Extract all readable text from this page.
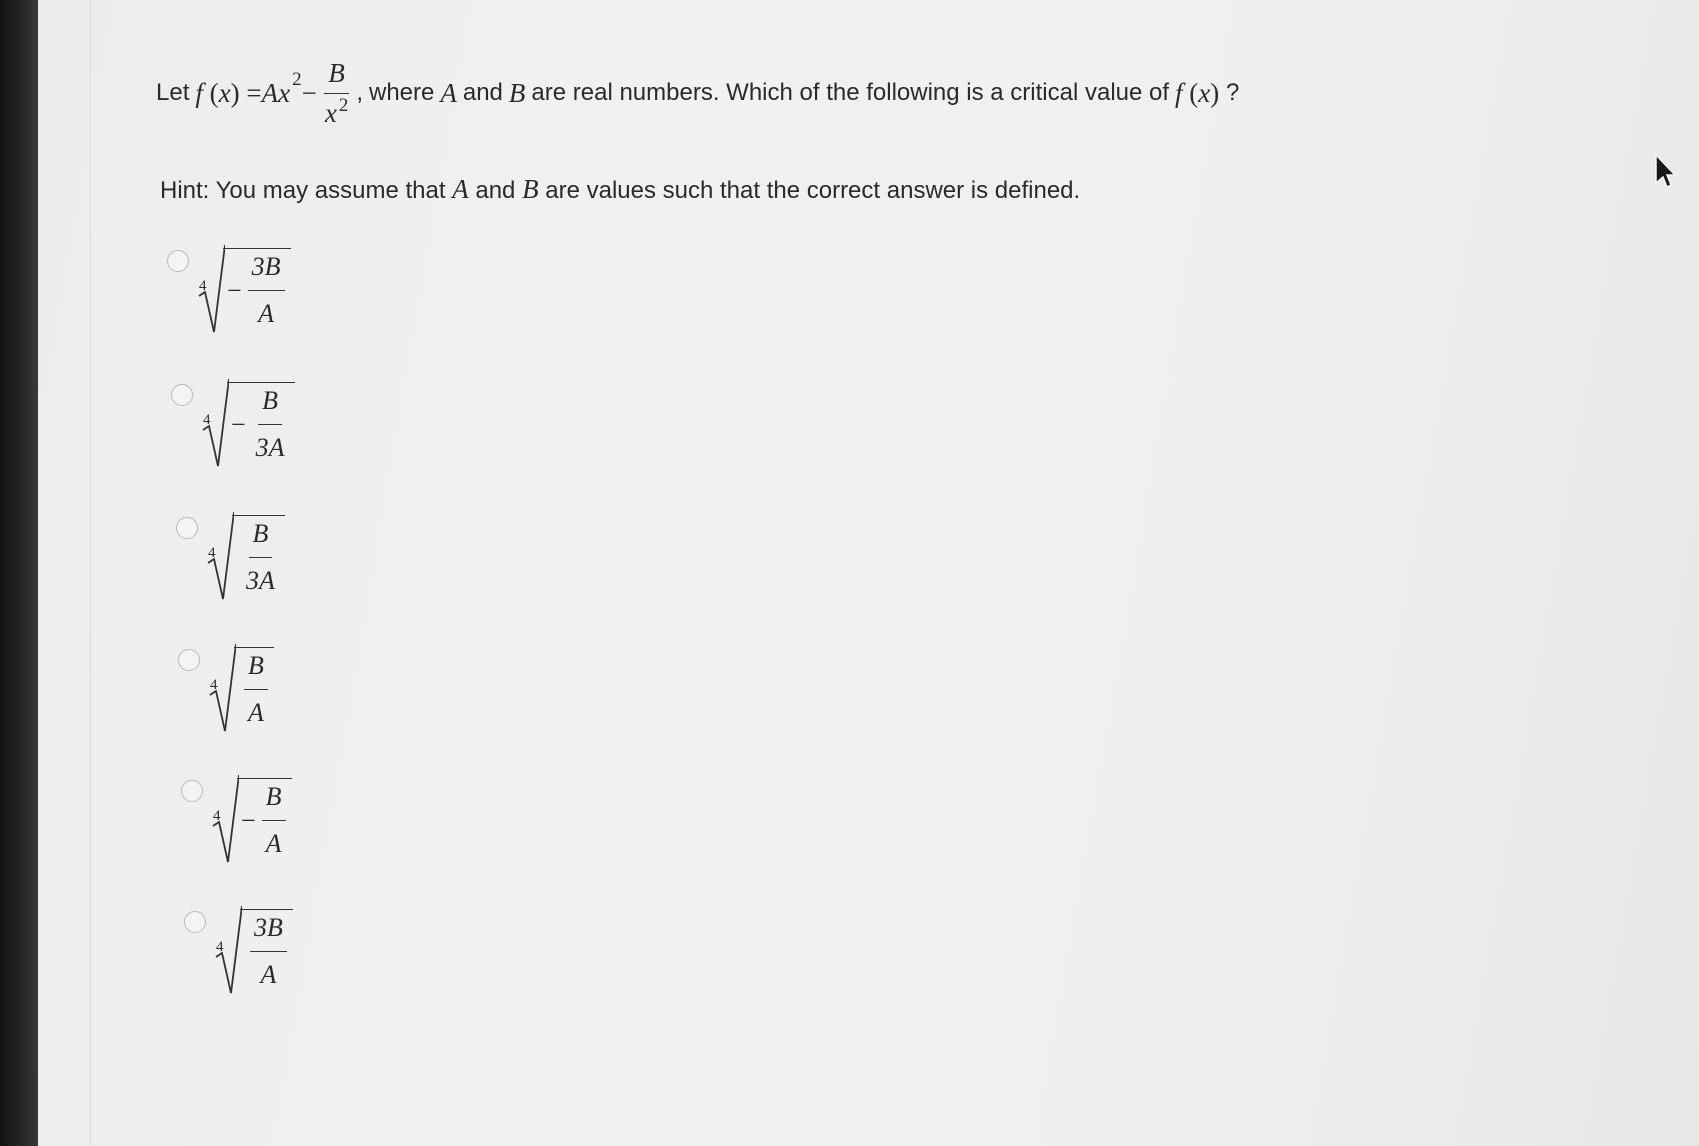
Let f ( x ) = A x $2 - \frac{B}{x ^2}$ , where A and B are real numbers. Which of the following is a critical value of f ( x ) ?
Hint: You may assume that A and B are values such that the correct answer is defined.
$4 - \frac{3B}{A}$
$4 - \frac{B}{3A}$
$4 \frac{B}{3A}$
$4 \frac{B}{A}$
$4 - \frac{B}{A}$
$4 \frac{3B}{A}$
